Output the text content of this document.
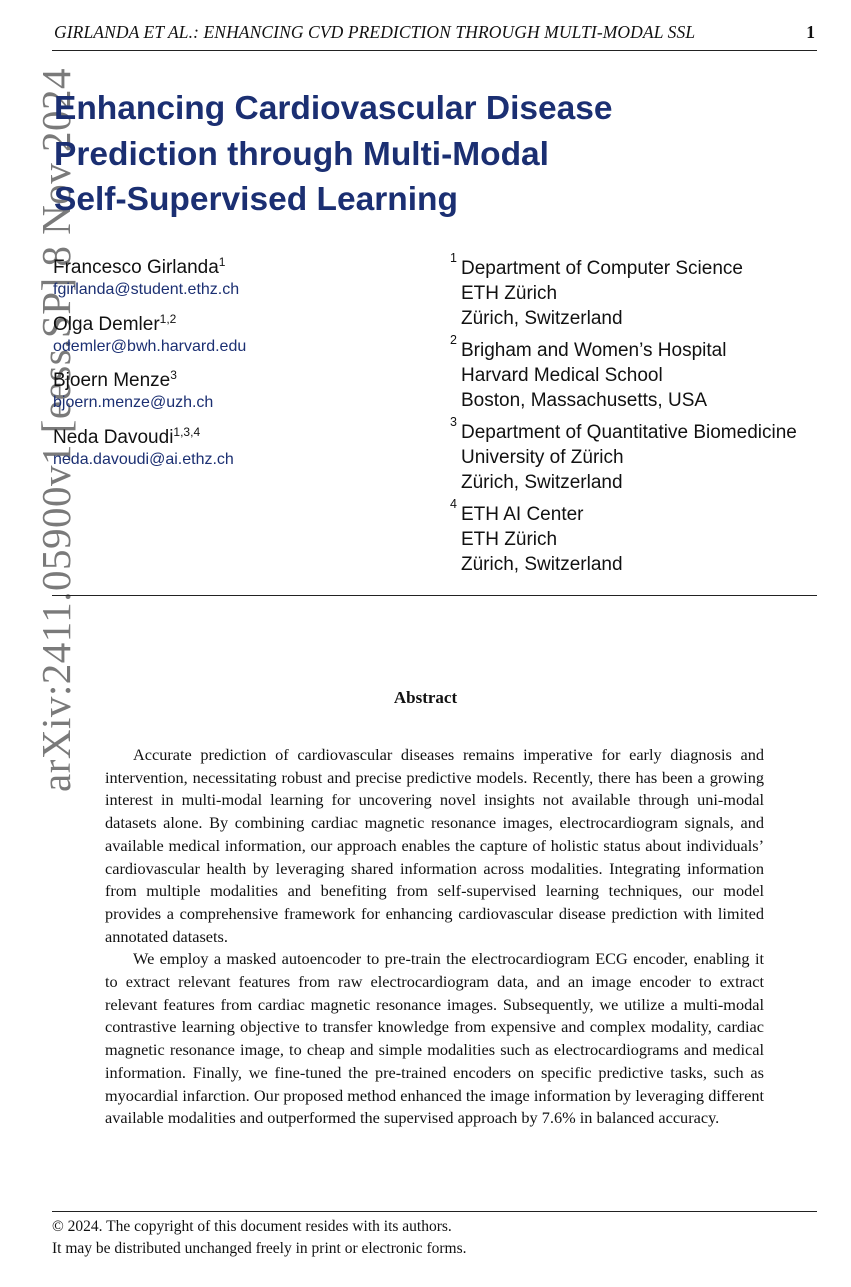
GIRLANDA ET AL.: ENHANCING CVD PREDICTION THROUGH MULTI-MODAL SSL	1
arXiv:2411.05900v1 [eess.SP] 8 Nov 2024
Enhancing Cardiovascular Disease
Prediction through Multi-Modal
Self-Supervised Learning
Francesco Girlanda$^1$
fgirlanda@student.ethz.ch
Olga Demler$^{1,2}$
odemler@bwh.harvard.edu
Bjoern Menze$^3$
bjoern.menze@uzh.ch
Neda Davoudi$^{1,3,4}$
neda.davoudi@ai.ethz.ch
1 Department of Computer Science
ETH Zürich
Zürich, Switzerland
2 Brigham and Women’s Hospital
Harvard Medical School
Boston, Massachusetts, USA
3 Department of Quantitative Biomedicine
University of Zürich
Zürich, Switzerland
4 ETH AI Center
ETH Zürich
Zürich, Switzerland
Abstract

Accurate prediction of cardiovascular diseases remains imperative for early diagnosis and intervention, necessitating robust and precise predictive models. Recently, there has been a growing interest in multi-modal learning for uncovering novel insights not available through uni-modal datasets alone. By combining cardiac magnetic resonance images, electrocardiogram signals, and available medical information, our approach enables the capture of holistic status about individuals’ cardiovascular health by leveraging shared information across modalities. Integrating information from multiple modalities and benefiting from self-supervised learning techniques, our model provides a comprehensive framework for enhancing cardiovascular disease prediction with limited annotated datasets.

We employ a masked autoencoder to pre-train the electrocardiogram ECG encoder, enabling it to extract relevant features from raw electrocardiogram data, and an image encoder to extract relevant features from cardiac magnetic resonance images. Subsequently, we utilize a multi-modal contrastive learning objective to transfer knowledge from expensive and complex modality, cardiac magnetic resonance image, to cheap and simple modalities such as electrocardiograms and medical information. Finally, we fine-tuned the pre-trained encoders on specific predictive tasks, such as myocardial infarction. Our proposed method enhanced the image information by leveraging different available modalities and outperformed the supervised approach by 7.6% in balanced accuracy.

© 2024. The copyright of this document resides with its authors.
It may be distributed unchanged freely in print or electronic forms.
